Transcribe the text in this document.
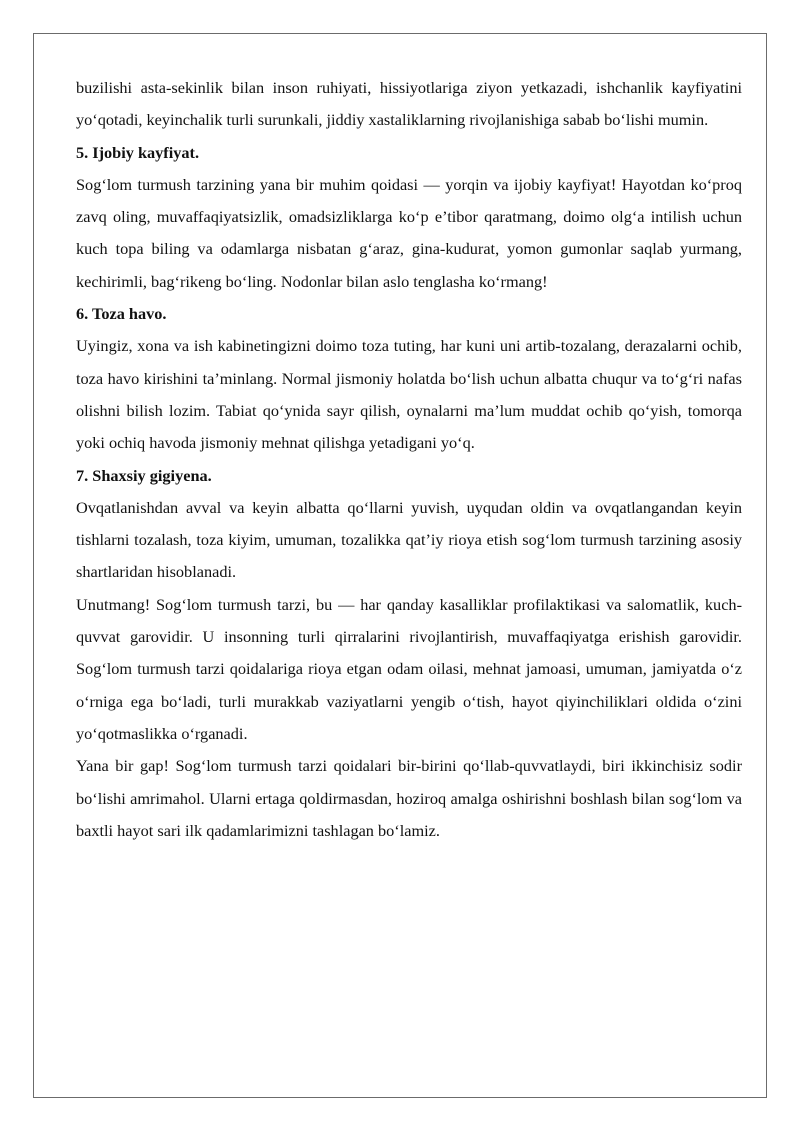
buzilishi asta-sekinlik bilan inson ruhiyati, hissiyotlariga ziyon yetkazadi, ishchanlik kayfiyatini yo‘qotadi, keyinchalik turli surunkali, jiddiy xastaliklarning rivojlanishiga sabab bo‘lishi mumin.

5. Ijobiy kayfiyat.

Sog‘lom turmush tarzining yana bir muhim qoidasi — yorqin va ijobiy kayfiyat! Hayotdan ko‘proq zavq oling, muvaffaqiyatsizlik, omadsizliklarga ko‘p e’tibor qaratmang, doimo olg‘a intilish uchun kuch topa biling va odamlarga nisbatan g‘araz, gina-kudurat, yomon gumonlar saqlab yurmang, kechirimli, bag‘rikeng bo‘ling. Nodonlar bilan aslo tenglasha ko‘rmang!

6. Toza havo.

Uyingiz, xona va ish kabinetingizni doimo toza tuting, har kuni uni artib-tozalang, derazalarni ochib, toza havo kirishini ta’minlang. Normal jismoniy holatda bo‘lish uchun albatta chuqur va to‘g‘ri nafas olishni bilish lozim. Tabiat qo‘ynida sayr qilish, oynalarni ma’lum muddat ochib qo‘yish, tomorqa yoki ochiq havoda jismoniy mehnat qilishga yetadigani yo‘q.

7. Shaxsiy gigiyena.

Ovqatlanishdan avval va keyin albatta qo‘llarni yuvish, uyqudan oldin va ovqatlangandan keyin tishlarni tozalash, toza kiyim, umuman, tozalikka qat’iy rioya etish sog‘lom turmush tarzining asosiy shartlaridan hisoblanadi.

Unutmang! Sog‘lom turmush tarzi, bu — har qanday kasalliklar profilaktikasi va salomatlik, kuch-quvvat garovidir. U insonning turli qirralarini rivojlantirish, muvaffaqiyatga erishish garovidir. Sog‘lom turmush tarzi qoidalariga rioya etgan odam oilasi, mehnat jamoasi, umuman, jamiyatda o‘z o‘rniga ega bo‘ladi, turli murakkab vaziyatlarni yengib o‘tish, hayot qiyinchiliklari oldida o‘zini yo‘qotmaslikka o‘rganadi.

Yana bir gap! Sog‘lom turmush tarzi qoidalari bir-birini qo‘llab-quvvatlaydi, biri ikkinchisiz sodir bo‘lishi amrimahol. Ularni ertaga qoldirmasdan, hoziroq amalga oshirishni boshlash bilan sog‘lom va baxtli hayot sari ilk qadamlarimizni tashlagan bo‘lamiz.
